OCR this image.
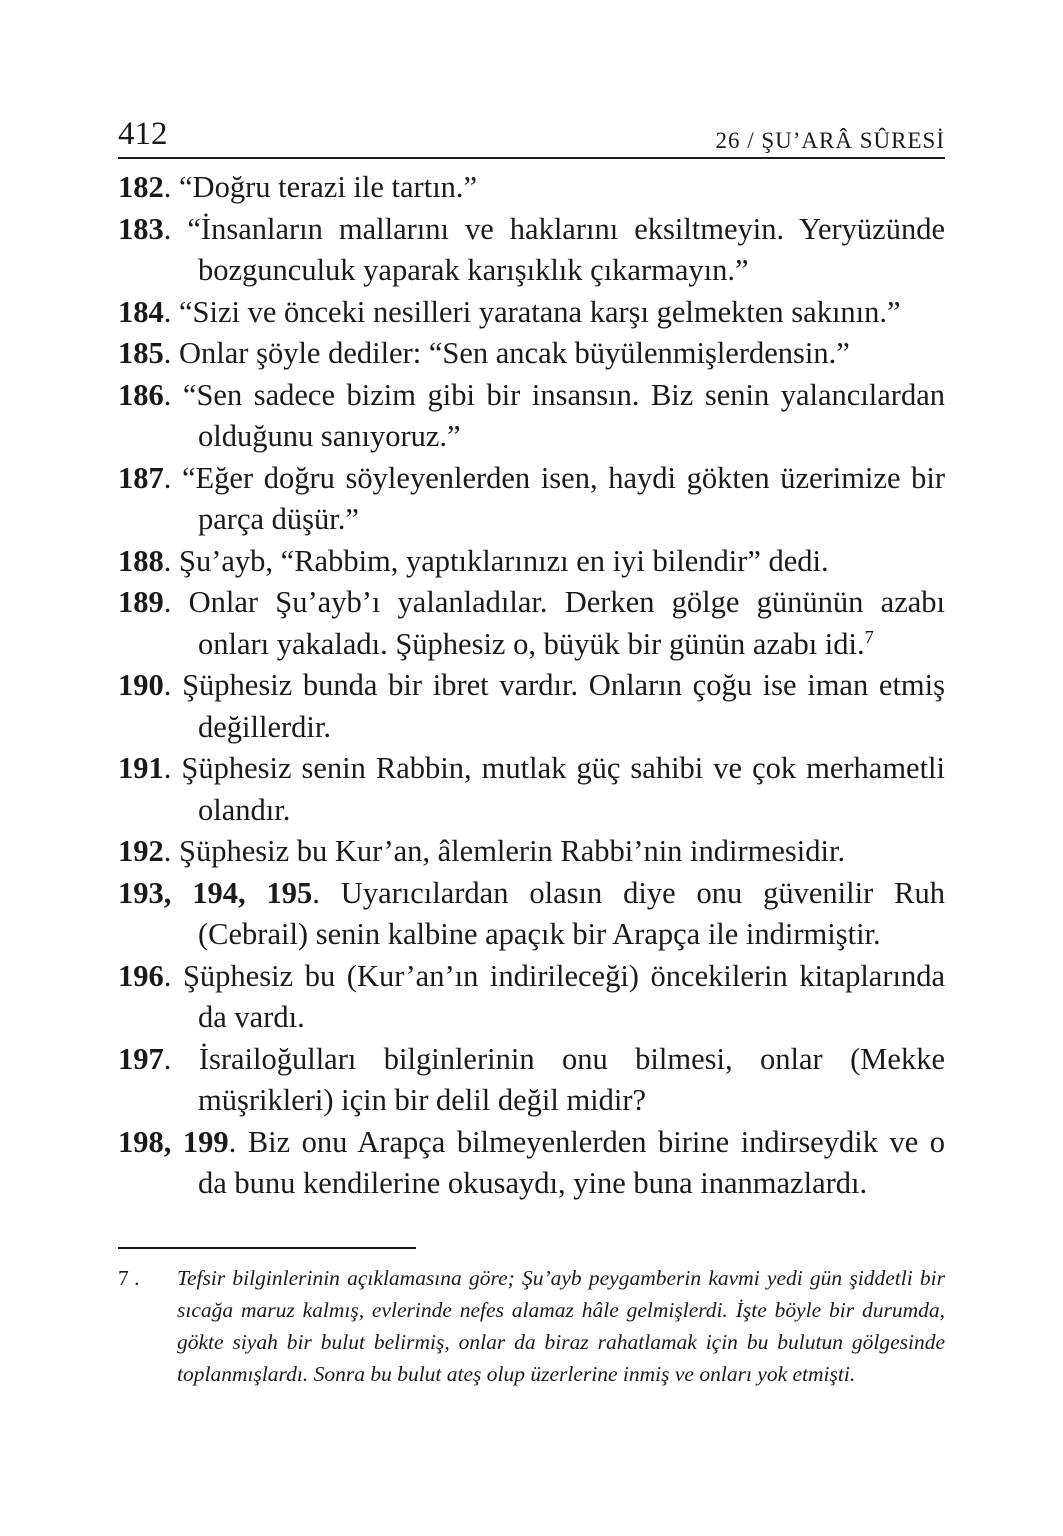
412	26 / ŞU’ARÂ SÛRESİ
182. “Doğru terazi ile tartın.”
183. “İnsanların mallarını ve haklarını eksiltmeyin. Yeryüzünde bozgunculuk yaparak karışıklık çıkarmayın.”
184. “Sizi ve önceki nesilleri yaratana karşı gelmekten sakının.”
185. Onlar şöyle dediler: “Sen ancak büyülenmişlerdensin.”
186. “Sen sadece bizim gibi bir insansın. Biz senin yalancılardan olduğunu sanıyoruz.”
187. “Eğer doğru söyleyenlerden isen, haydi gökten üzerimize bir parça düşür.”
188. Şu’ayb, “Rabbim, yaptıklarınızı en iyi bilendir” dedi.
189. Onlar Şu’ayb’ı yalanladılar. Derken gölge gününün azabı onları yakaladı. Şüphesiz o, büyük bir günün azabı idi.$^7$
190. Şüphesiz bunda bir ibret vardır. Onların çoğu ise iman etmiş değillerdir.
191. Şüphesiz senin Rabbin, mutlak güç sahibi ve çok merhametli olandır.
192. Şüphesiz bu Kur’an, âlemlerin Rabbi’nin indirmesidir.
193, 194, 195. Uyarıcılardan olasın diye onu güvenilir Ruh (Cebrail) senin kalbine apaçık bir Arapça ile indirmiştir.
196. Şüphesiz bu (Kur’an’ın indirileceği) öncekilerin kitaplarında da vardı.
197. İsrailoğulları bilginlerinin onu bilmesi, onlar (Mekke müşrikleri) için bir delil değil midir?
198, 199. Biz onu Arapça bilmeyenlerden birine indirseydik ve o da bunu kendilerine okusaydı, yine buna inanmazlardı.
7 . Tefsir bilginlerinin açıklamasına göre; Şu’ayb peygamberin kavmi yedi gün şiddetli bir sıcağa maruz kalmış, evlerinde nefes alamaz hâle gelmişlerdi. İşte böyle bir durumda, gökte siyah bir bulut belirmiş, onlar da biraz rahatlamak için bu bulutun gölgesinde toplanmışlardı. Sonra bu bulut ateş olup üzerlerine inmiş ve onları yok etmişti.
